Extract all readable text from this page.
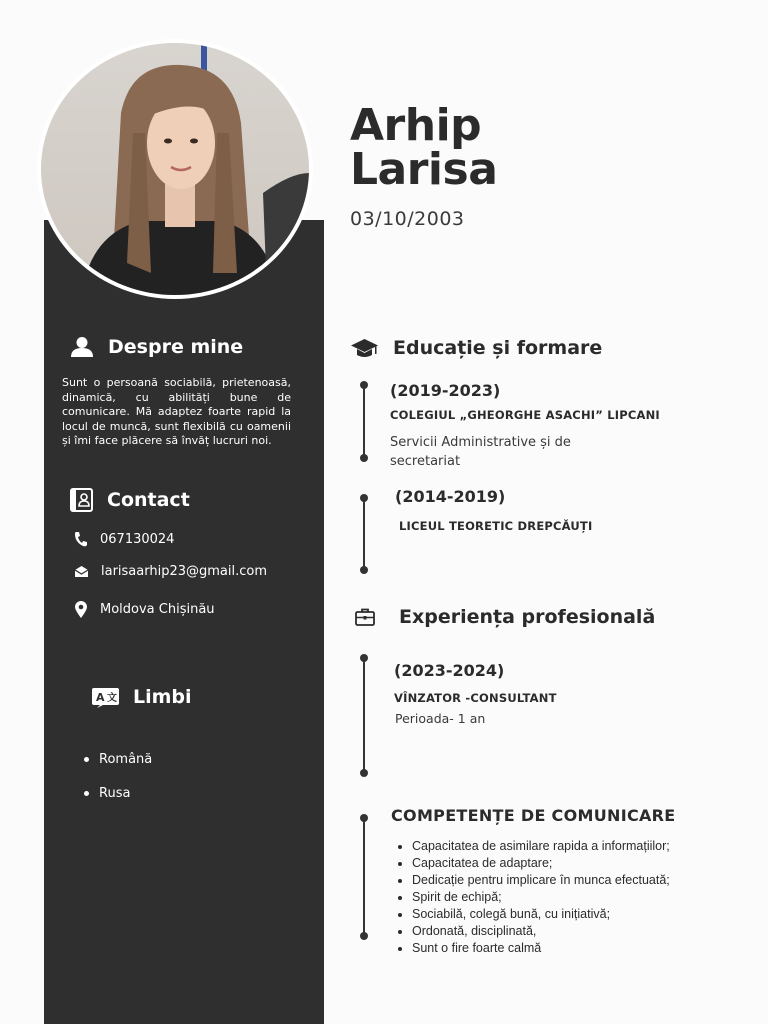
Arhip
Larisa
03/10/2003
Despre mine
Sunt o persoană sociabilă, prietenoasă, dinamică, cu abilități bune de comunicare. Mă adaptez foarte rapid la locul de muncă, sunt flexibilă cu oamenii și îmi face plăcere să învăț lucruri noi.
Contact
067130024
larisaarhip23@gmail.com
Moldova Chișinău
A 文 Limbi
Română
Rusa
Educație și formare
(2019-2023)
COLEGIUL „GHEORGHE ASACHI” LIPCANI
Servicii Administrative și de secretariat
(2014-2019)
LICEUL TEORETIC DREPCĂUȚI
Experiența profesională
(2023-2024)
VÎNZATOR -CONSULTANT
Perioada- 1 an
COMPETENȚE DE COMUNICARE
• Capacitatea de asimilare rapida a informațiilor;
• Capacitatea de adaptare;
• Dedicație pentru implicare în munca efectuată;
• Spirit de echipă;
• Sociabilă, colegă bună, cu inițiativă;
• Ordonată, disciplinată,
• Sunt o fire foarte calmă
